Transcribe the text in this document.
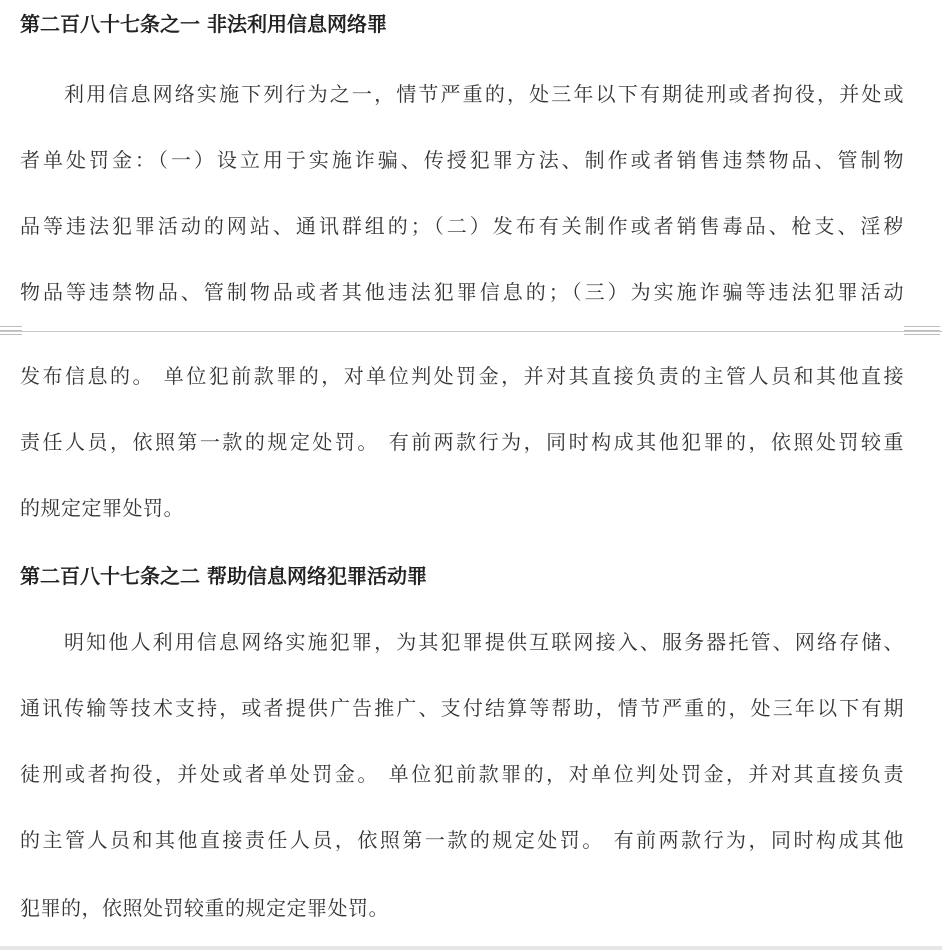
第二百八十七条之一 非法利用信息网络罪
利用信息网络实施下列行为之一，情节严重的，处三年以下有期徒刑或者拘役，并处或
者单处罚金：（一）设立用于实施诈骗、传授犯罪方法、制作或者销售违禁物品、管制物
品等违法犯罪活动的网站、通讯群组的；（二）发布有关制作或者销售毒品、枪支、淫秽
物品等违禁物品、管制物品或者其他违法犯罪信息的；（三）为实施诈骗等违法犯罪活动
发布信息的。 单位犯前款罪的，对单位判处罚金，并对其直接负责的主管人员和其他直接
责任人员，依照第一款的规定处罚。 有前两款行为，同时构成其他犯罪的，依照处罚较重
的规定定罪处罚。
第二百八十七条之二 帮助信息网络犯罪活动罪
明知他人利用信息网络实施犯罪，为其犯罪提供互联网接入、服务器托管、网络存储、
通讯传输等技术支持，或者提供广告推广、支付结算等帮助，情节严重的，处三年以下有期
徒刑或者拘役，并处或者单处罚金。 单位犯前款罪的，对单位判处罚金，并对其直接负责
的主管人员和其他直接责任人员，依照第一款的规定处罚。 有前两款行为，同时构成其他
犯罪的，依照处罚较重的规定定罪处罚。
